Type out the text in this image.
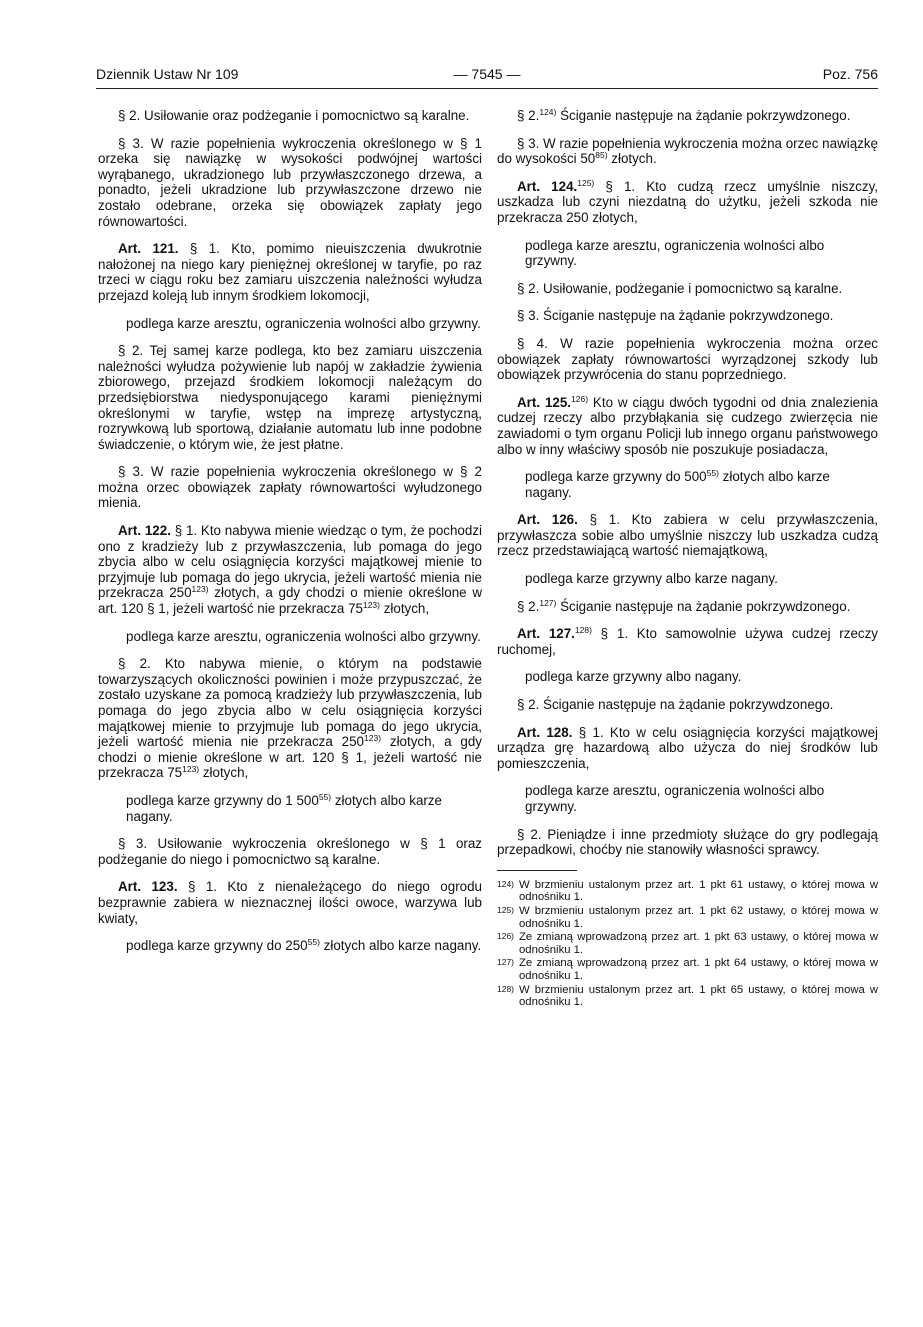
Dziennik Ustaw Nr 109	— 7545 —	Poz. 756

§ 2. Usiłowanie oraz podżeganie i pomocnictwo są karalne.

§ 3. W razie popełnienia wykroczenia określonego w § 1 orzeka się nawiązkę w wysokości podwójnej wartości wyrąbanego, ukradzionego lub przywłaszczonego drzewa, a ponadto, jeżeli ukradzione lub przywłaszczone drzewo nie zostało odebrane, orzeka się obowiązek zapłaty jego równowartości.

Art. 121. § 1. Kto, pomimo nieuiszczenia dwukrotnie nałożonej na niego kary pieniężnej określonej w taryfie, po raz trzeci w ciągu roku bez zamiaru uiszczenia należności wyłudza przejazd koleją lub innym środkiem lokomocji,

podlega karze aresztu, ograniczenia wolności albo grzywny.

§ 2. Tej samej karze podlega, kto bez zamiaru uiszczenia należności wyłudza pożywienie lub napój w zakładzie żywienia zbiorowego, przejazd środkiem lokomocji należącym do przedsiębiorstwa niedysponującego karami pieniężnymi określonymi w taryfie, wstęp na imprezę artystyczną, rozrywkową lub sportową, działanie automatu lub inne podobne świadczenie, o którym wie, że jest płatne.

§ 3. W razie popełnienia wykroczenia określonego w § 2 można orzec obowiązek zapłaty równowartości wyłudzonego mienia.

Art. 122. § 1. Kto nabywa mienie wiedząc o tym, że pochodzi ono z kradzieży lub z przywłaszczenia, lub pomaga do jego zbycia albo w celu osiągnięcia korzyści majątkowej mienie to przyjmuje lub pomaga do jego ukrycia, jeżeli wartość mienia nie przekracza 250$^{123)}$ złotych, a gdy chodzi o mienie określone w art. 120 § 1, jeżeli wartość nie przekracza 75$^{123)}$ złotych,

podlega karze aresztu, ograniczenia wolności albo grzywny.

§ 2. Kto nabywa mienie, o którym na podstawie towarzyszących okoliczności powinien i może przypuszczać, że zostało uzyskane za pomocą kradzieży lub przywłaszczenia, lub pomaga do jego zbycia albo w celu osiągnięcia korzyści majątkowej mienie to przyjmuje lub pomaga do jego ukrycia, jeżeli wartość mienia nie przekracza 250$^{123)}$ złotych, a gdy chodzi o mienie określone w art. 120 § 1, jeżeli wartość nie przekracza 75$^{123)}$ złotych,

podlega karze grzywny do 1 500$^{55)}$ złotych albo karze nagany.

§ 3. Usiłowanie wykroczenia określonego w § 1 oraz podżeganie do niego i pomocnictwo są karalne.

Art. 123. § 1. Kto z nienależącego do niego ogrodu bezprawnie zabiera w nieznacznej ilości owoce, warzywa lub kwiaty,

podlega karze grzywny do 250$^{55)}$ złotych albo karze nagany.

§ 2.$^{124)}$ Ściganie następuje na żądanie pokrzywdzonego.

§ 3. W razie popełnienia wykroczenia można orzec nawiązkę do wysokości 50$^{85)}$ złotych.

Art. 124.$^{125)}$ § 1. Kto cudzą rzecz umyślnie niszczy, uszkadza lub czyni niezdatną do użytku, jeżeli szkoda nie przekracza 250 złotych,

podlega karze aresztu, ograniczenia wolności albo grzywny.

§ 2. Usiłowanie, podżeganie i pomocnictwo są karalne.

§ 3. Ściganie następuje na żądanie pokrzywdzonego.

§ 4. W razie popełnienia wykroczenia można orzec obowiązek zapłaty równowartości wyrządzonej szkody lub obowiązek przywrócenia do stanu poprzedniego.

Art. 125.$^{126)}$ Kto w ciągu dwóch tygodni od dnia znalezienia cudzej rzeczy albo przybłąkania się cudzego zwierzęcia nie zawiadomi o tym organu Policji lub innego organu państwowego albo w inny właściwy sposób nie poszukuje posiadacza,

podlega karze grzywny do 500$^{55)}$ złotych albo karze nagany.

Art. 126. § 1. Kto zabiera w celu przywłaszczenia, przywłaszcza sobie albo umyślnie niszczy lub uszkadza cudzą rzecz przedstawiającą wartość niemajątkową,

podlega karze grzywny albo karze nagany.

§ 2.$^{127)}$ Ściganie następuje na żądanie pokrzywdzonego.

Art. 127.$^{128)}$ § 1. Kto samowolnie używa cudzej rzeczy ruchomej,

podlega karze grzywny albo nagany.

§ 2. Ściganie następuje na żądanie pokrzywdzonego.

Art. 128. § 1. Kto w celu osiągnięcia korzyści majątkowej urządza grę hazardową albo użycza do niej środków lub pomieszczenia,

podlega karze aresztu, ograniczenia wolności albo grzywny.

§ 2. Pieniądze i inne przedmioty służące do gry podlegają przepadkowi, choćby nie stanowiły własności sprawcy.

124) W brzmieniu ustalonym przez art. 1 pkt 61 ustawy, o której mowa w odnośniku 1.
125) W brzmieniu ustalonym przez art. 1 pkt 62 ustawy, o której mowa w odnośniku 1.
126) Ze zmianą wprowadzoną przez art. 1 pkt 63 ustawy, o której mowa w odnośniku 1.
127) Ze zmianą wprowadzoną przez art. 1 pkt 64 ustawy, o której mowa w odnośniku 1.
128) W brzmieniu ustalonym przez art. 1 pkt 65 ustawy, o której mowa w odnośniku 1.
